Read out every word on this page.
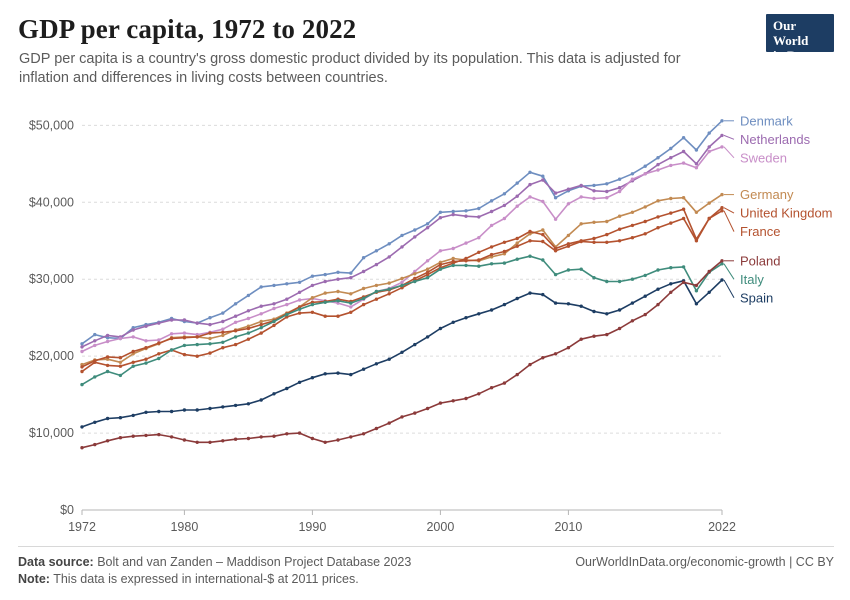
GDP per capita, 1972 to 2022
GDP per capita is a country's gross domestic product divided by its population. This data is adjusted for inflation and differences in living costs between countries.
Our World
in Data
$0
$10,000
$20,000
$30,000
$40,000
$50,000
1972	1980	1990	2000	2010	2022
Denmark
Netherlands
Sweden
Germany
United Kingdom
France
Poland
Italy
Spain
Data source: Bolt and van Zanden – Maddison Project Database 2023	OurWorldInData.org/economic-growth | CC BY
Note: This data is expressed in international-$ at 2011 prices.
